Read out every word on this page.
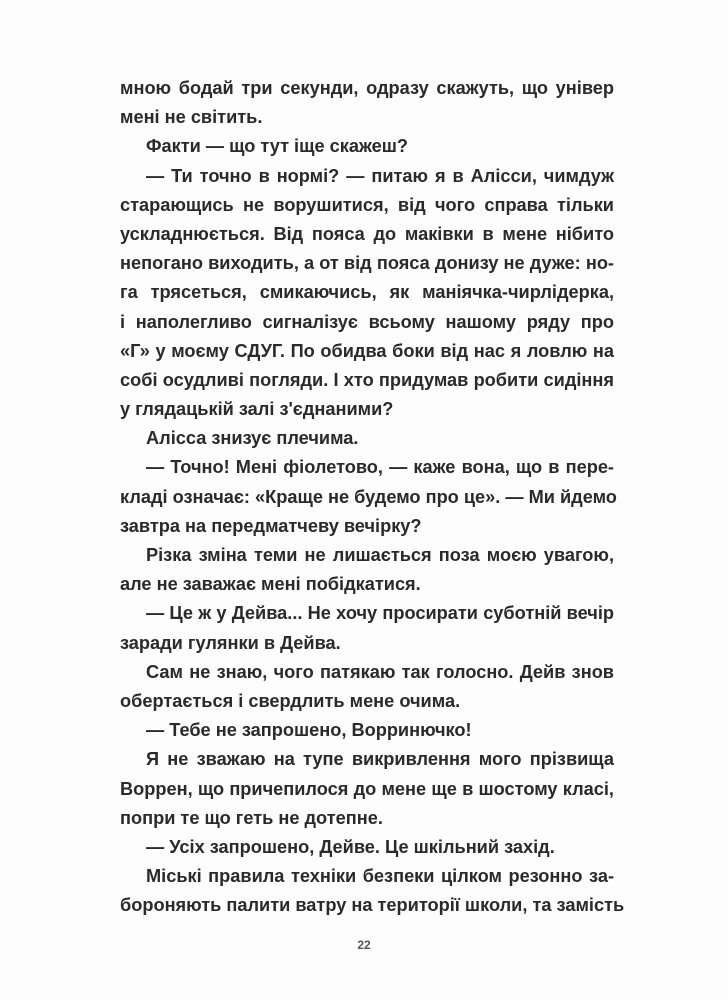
мною бодай три секунди, одразу скажуть, що універ
мені не світить.
Факти — що тут іще скажеш?
— Ти точно в нормі? — питаю я в Алісси, чимдуж
старающись не ворушитися, від чого справа тільки
ускладнюється. Від пояса до маківки в мене нібито
непогано виходить, а от від пояса донизу не дуже: но-
га трясеться, смикаючись, як маніячка-чирлідерка,
і наполегливо сигналізує всьому нашому ряду про
«Г» у моєму СДУГ. По обидва боки від нас я ловлю на
собі осудливі погляди. І хто придумав робити сидіння
у глядацькій залі з'єднаними?
Алісса знизує плечима.
— Точно! Мені фіолетово, — каже вона, що в пере-
кладі означає: «Краще не будемо про це». — Ми йдемо
завтра на передматчеву вечірку?
Різка зміна теми не лишається поза моєю увагою,
але не заважає мені побідкатися.
— Це ж у Дейва... Не хочу просирати суботній вечір
заради гулянки в Дейва.
Сам не знаю, чого патякаю так голосно. Дейв знов
обертається і свердлить мене очима.
— Тебе не запрошено, Ворринючко!
Я не зважаю на тупе викривлення мого прізвища
Воррен, що причепилося до мене ще в шостому класі,
попри те що геть не дотепне.
— Усіх запрошено, Дейве. Це шкільний захід.
Міські правила техніки безпеки цілком резонно за-
бороняють палити ватру на території школи, та замість
22
